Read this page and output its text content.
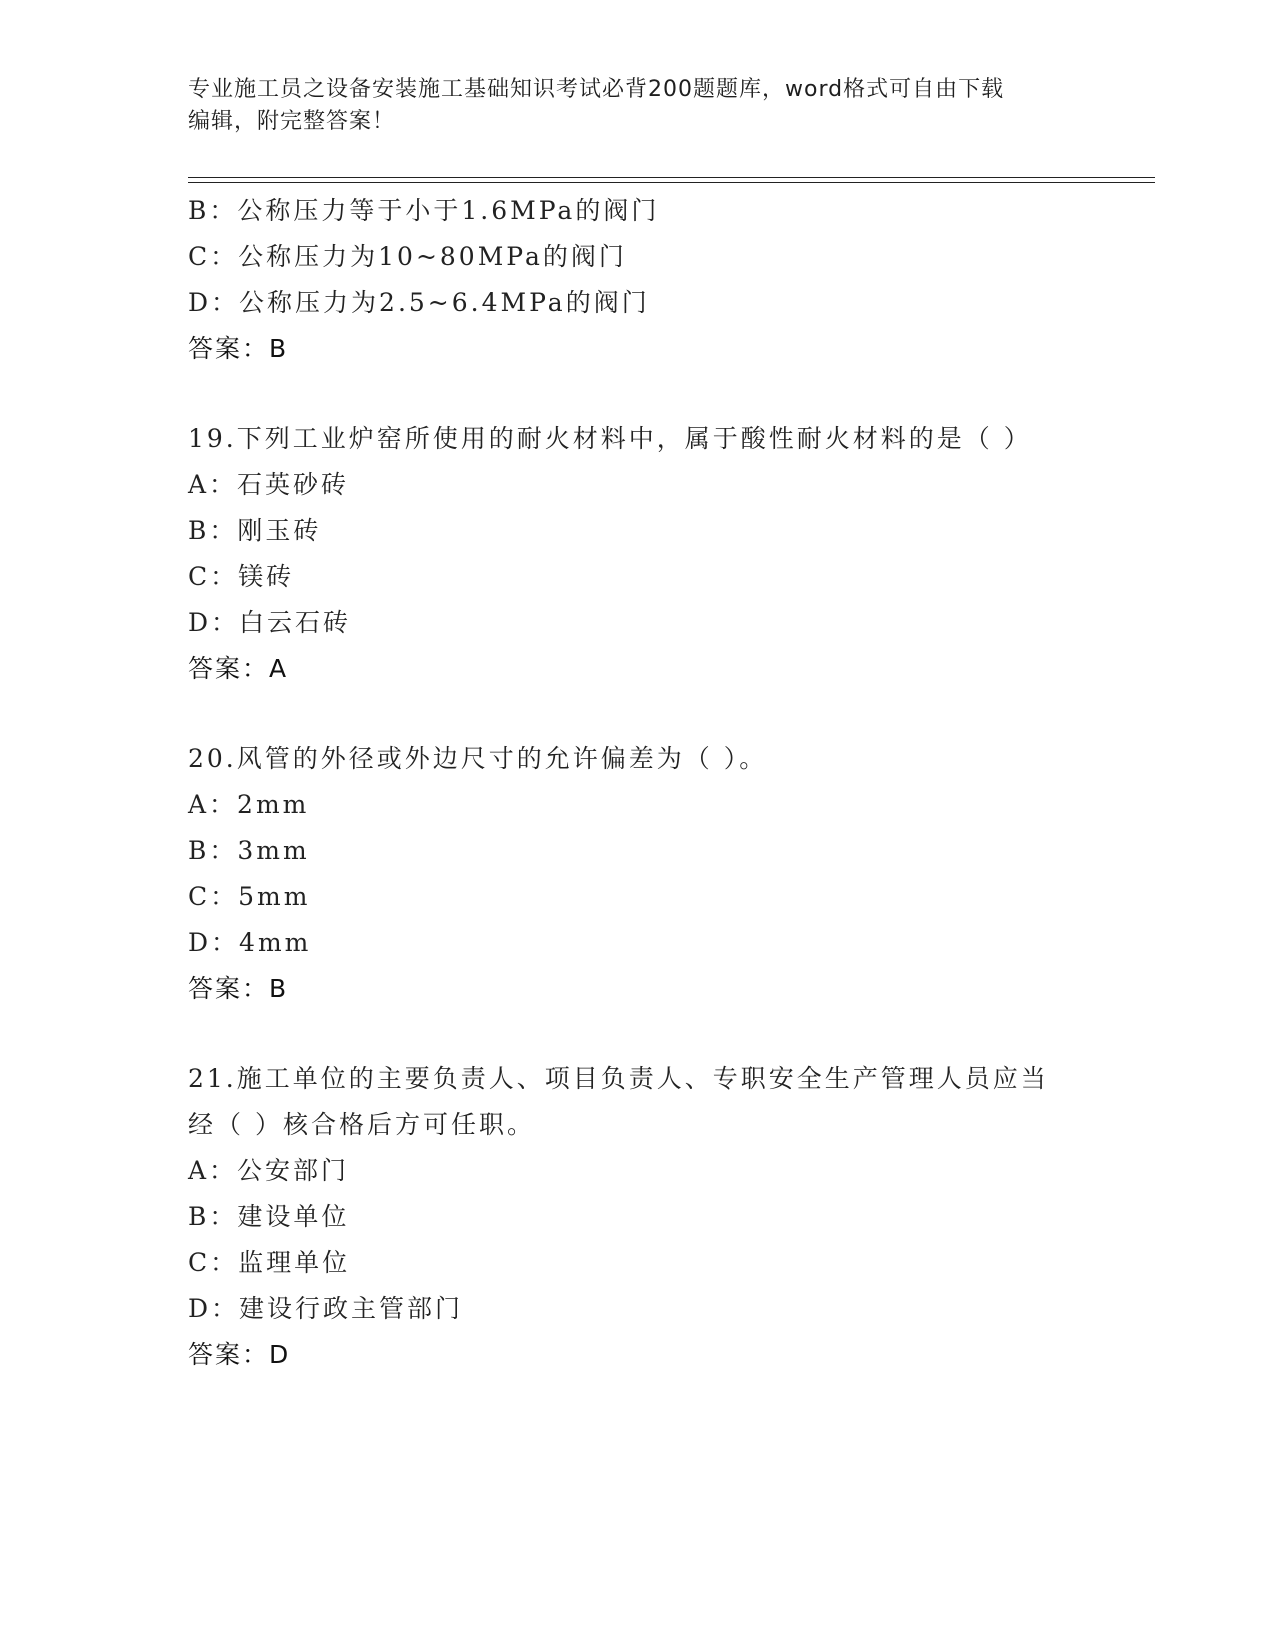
专业施工员之设备安装施工基础知识考试必背200题题库，word格式可自由下载
编辑，附完整答案！
B：公称压力等于小于1.6MPa的阀门
C：公称压力为10~80MPa的阀门
D：公称压力为2.5~6.4MPa的阀门
答案：B
19.下列工业炉窑所使用的耐火材料中，属于酸性耐火材料的是（ ）
A：石英砂砖
B：刚玉砖
C：镁砖
D：白云石砖
答案：A
20.风管的外径或外边尺寸的允许偏差为（ ）。
A：2mm
B：3mm
C：5mm
D：4mm
答案：B
21.施工单位的主要负责人、项目负责人、专职安全生产管理人员应当
经（ ）核合格后方可任职。
A：公安部门
B：建设单位
C：监理单位
D：建设行政主管部门
答案：D
